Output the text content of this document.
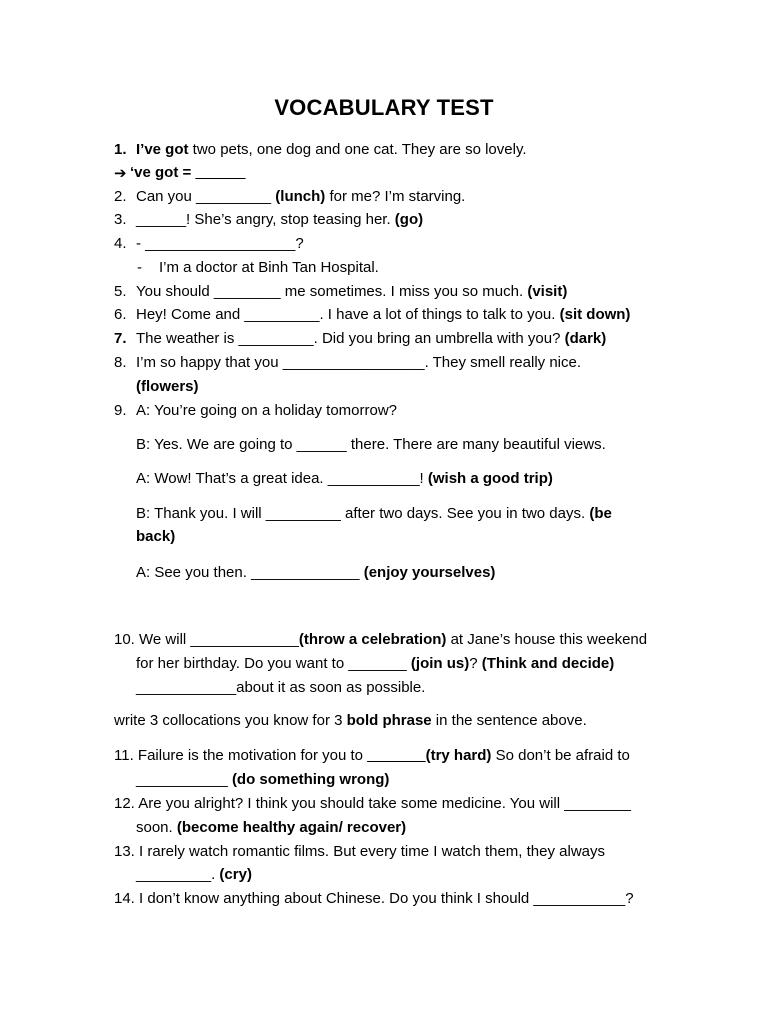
VOCABULARY TEST
1. I’ve got two pets, one dog and one cat. They are so lovely.
➔ ‘ve got = ______
2. Can you _________ (lunch) for me? I’m starving.
3. ______! She’s angry, stop teasing her. (go)
4. - __________________?
- I’m a doctor at Binh Tan Hospital.
5. You should ________ me sometimes. I miss you so much. (visit)
6. Hey! Come and _________. I have a lot of things to talk to you. (sit down)
7. The weather is _________. Did you bring an umbrella with you? (dark)
8. I’m so happy that you _________________. They smell really nice.
(flowers)
9. A: You’re going on a holiday tomorrow?
B: Yes. We are going to ______ there. There are many beautiful views.
A: Wow! That’s a great idea. ___________! (wish a good trip)
B: Thank you. I will _________ after two days. See you in two days. (be
back)
A: See you then. _____________ (enjoy yourselves)
10. We will _____________(throw a celebration) at Jane’s house this weekend
for her birthday. Do you want to _______ (join us)? (Think and decide)
____________about it as soon as possible.
write 3 collocations you know for 3 bold phrase in the sentence above.
11. Failure is the motivation for you to _______(try hard) So don’t be afraid to
___________ (do something wrong)
12. Are you alright? I think you should take some medicine. You will ________
soon. (become healthy again/ recover)
13. I rarely watch romantic films. But every time I watch them, they always
_________. (cry)
14. I don’t know anything about Chinese. Do you think I should ___________?
